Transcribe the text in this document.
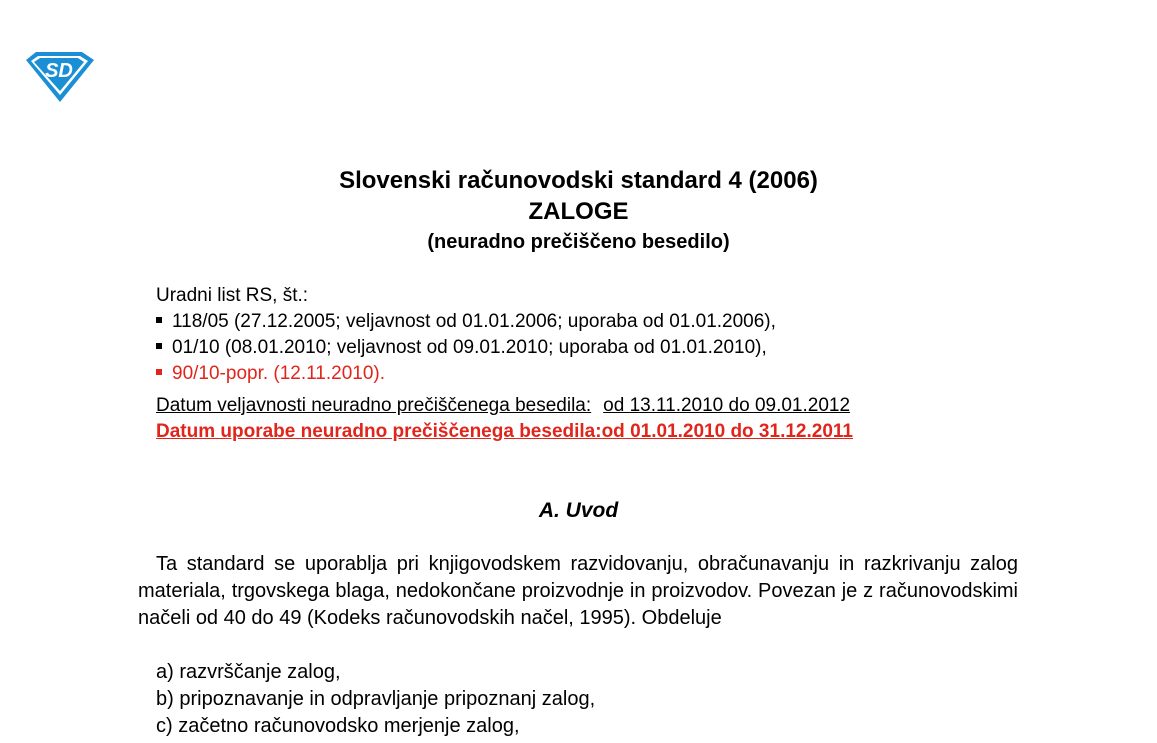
SD
Slovenski računovodski standard 4 (2006)
ZALOGE
(neuradno prečiščeno besedilo)
Uradni list RS, št.:
118/05 (27.12.2005; veljavnost od 01.01.2006; uporaba od 01.01.2006),
01/10 (08.01.2010; veljavnost od 09.01.2010; uporaba od 01.01.2010),
90/10-popr. (12.11.2010).
Datum veljavnosti neuradno prečiščenega besedila: od 13.11.2010 do 09.01.2012
Datum uporabe neuradno prečiščenega besedila:od 01.01.2010 do 31.12.2011
A. Uvod

Ta standard se uporablja pri knjigovodskem razvidovanju, obračunavanju in razkrivanju zalog materiala, trgovskega blaga, nedokončane proizvodnje in proizvodov. Povezan je z računovodskimi načeli od 40 do 49 (Kodeks računovodskih načel, 1995). Obdeluje

a) razvrščanje zalog,
b) pripoznavanje in odpravljanje pripoznanj zalog,
c) začetno računovodsko merjenje zalog,
